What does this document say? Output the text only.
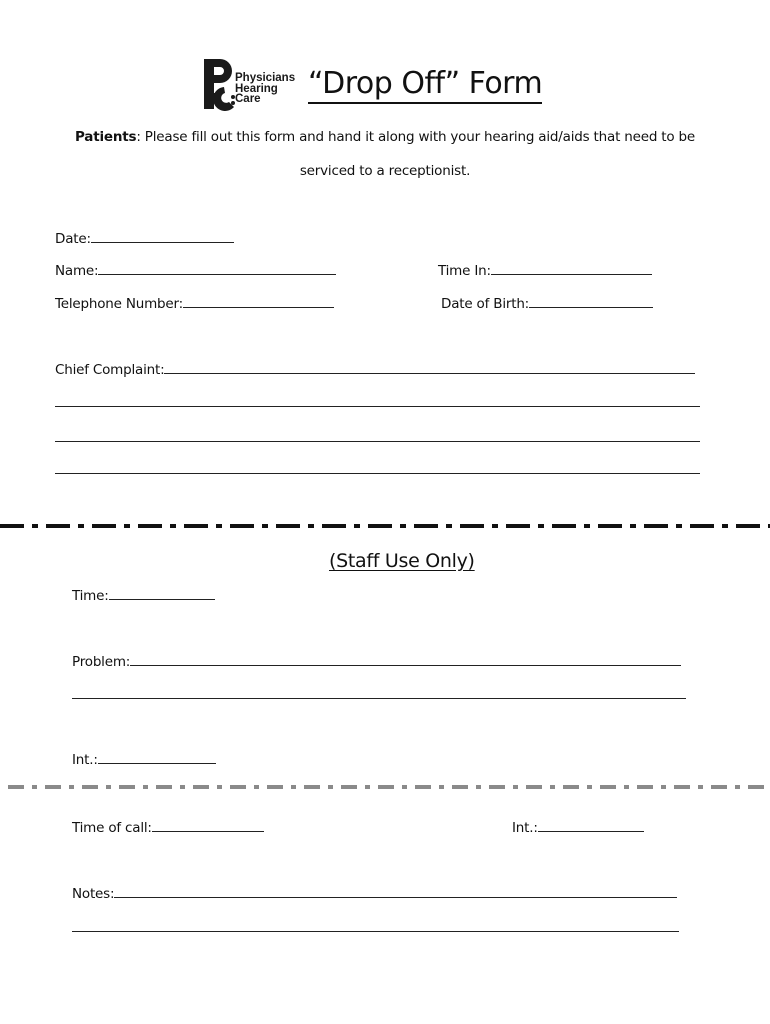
Physicians
Hearing
Care	“Drop Off” Form
Patients: Please fill out this form and hand it along with your hearing aid/aids that need to be
serviced to a receptionist.
Date:
Name:	Time In:
Telephone Number:	Date of Birth:
Chief Complaint:
(Staff Use Only)
Time:
Problem:
Int.:
Time of call:	Int.:
Notes:
